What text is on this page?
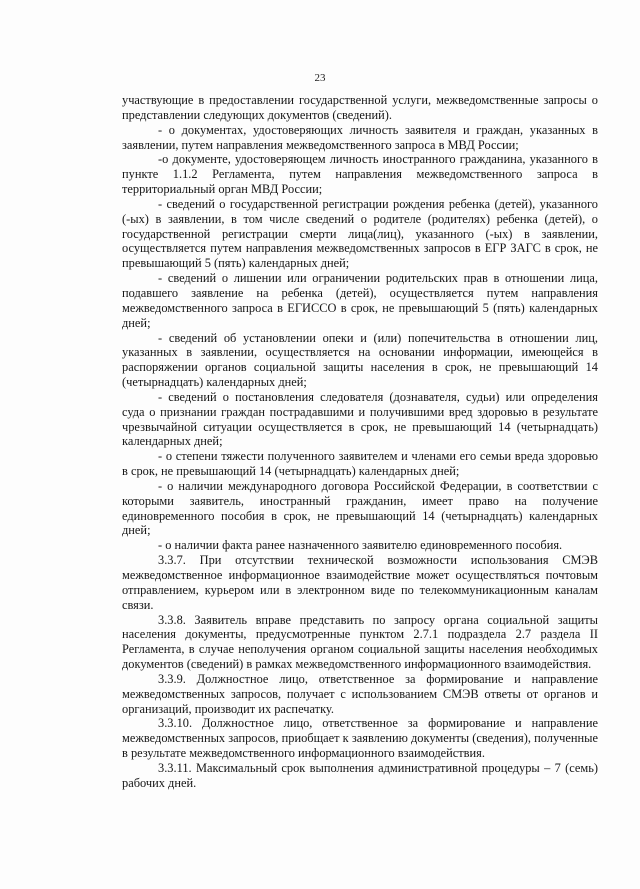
23

участвующие в предоставлении государственной услуги, межведомственные запросы о представлении следующих документов (сведений).

- о документах, удостоверяющих личность заявителя и граждан, указанных в заявлении, путем направления межведомственного запроса в МВД России;

-о документе, удостоверяющем личность иностранного гражданина, указанного в пункте 1.1.2 Регламента, путем направления межведомственного запроса в территориальный орган МВД России;

- сведений о государственной регистрации рождения ребенка (детей), указанного (-ых) в заявлении, в том числе сведений о родителе (родителях) ребенка (детей), о государственной регистрации смерти лица(лиц), указанного (-ых) в заявлении, осуществляется путем направления межведомственных запросов в ЕГР ЗАГС в срок, не превышающий 5 (пять) календарных дней;

- сведений о лишении или ограничении родительских прав в отношении лица, подавшего заявление на ребенка (детей), осуществляется путем направления межведомственного запроса в ЕГИССО в срок, не превышающий 5 (пять) календарных дней;

- сведений об установлении опеки и (или) попечительства в отношении лиц, указанных в заявлении, осуществляется на основании информации, имеющейся в распоряжении органов социальной защиты населения в срок, не превышающий 14 (четырнадцать) календарных дней;

- сведений о постановления следователя (дознавателя, судьи) или определения суда о признании граждан пострадавшими и получившими вред здоровью в результате чрезвычайной ситуации осуществляется в срок, не превышающий 14 (четырнадцать) календарных дней;

- о степени тяжести полученного заявителем и членами его семьи вреда здоровью в срок, не превышающий 14 (четырнадцать) календарных дней;

- о наличии международного договора Российской Федерации, в соответствии с которыми заявитель, иностранный гражданин, имеет право на получение единовременного пособия в срок, не превышающий 14 (четырнадцать) календарных дней;

- о наличии факта ранее назначенного заявителю единовременного пособия.

3.3.7. При отсутствии технической возможности использования СМЭВ межведомственное информационное взаимодействие может осуществляться почтовым отправлением, курьером или в электронном виде по телекоммуникационным каналам связи.

3.3.8. Заявитель вправе представить по запросу органа социальной защиты населения документы, предусмотренные пунктом 2.7.1 подраздела 2.7 раздела II Регламента, в случае неполучения органом социальной защиты населения необходимых документов (сведений) в рамках межведомственного информационного взаимодействия.

3.3.9. Должностное лицо, ответственное за формирование и направление межведомственных запросов, получает с использованием СМЭВ ответы от органов и организаций, производит их распечатку.

3.3.10. Должностное лицо, ответственное за формирование и направление межведомственных запросов, приобщает к заявлению документы (сведения), полученные в результате межведомственного информационного взаимодействия.

3.3.11. Максимальный срок выполнения административной процедуры – 7 (семь) рабочих дней.
